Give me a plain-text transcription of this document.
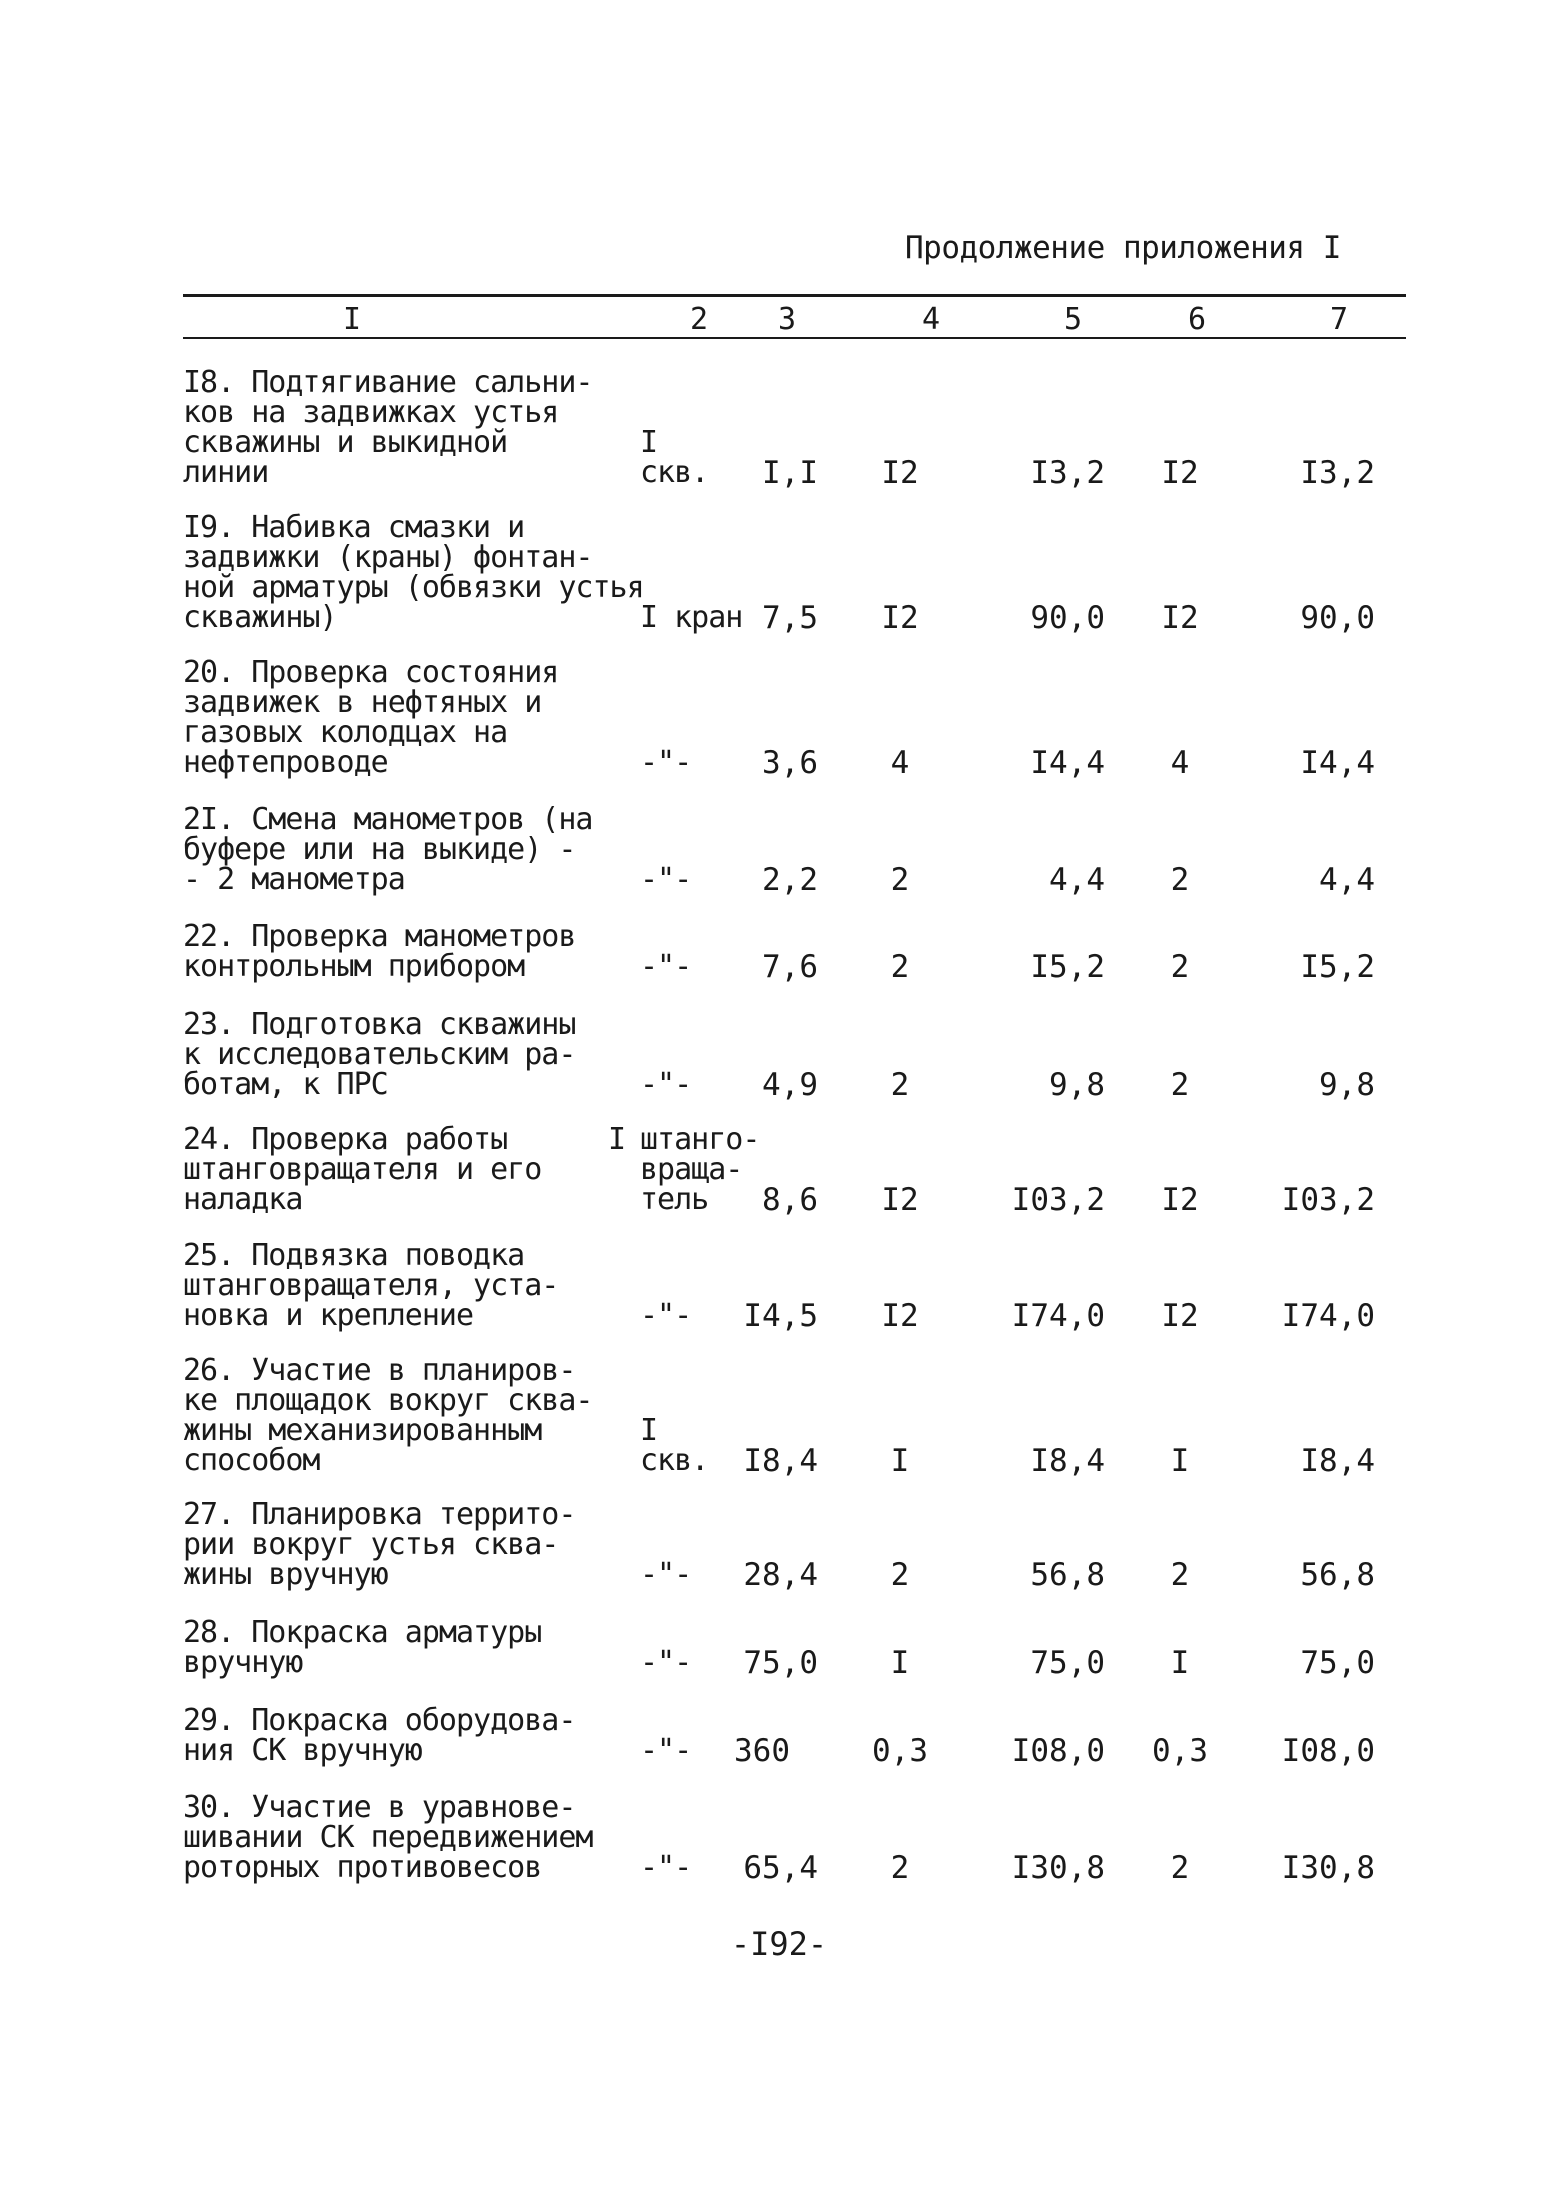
Продолжение приложения I
I	2 3	4	5	6	7
I8. Подтягивание сальни-
ков на задвижках устья
скважины и выкидной
линии
I
скв.	I,I	I2	I3,2	I2	I3,2
I9. Набивка смазки и
задвижки (краны) фонтан-
ной арматуры (обвязки устья
скважины)	I кран 7,5	I2	90,0	I2	90,0
20. Проверка состояния
задвижек в нефтяных и
газовых колодцах на
нефтепроводе	-"-	3,6	4	I4,4	4	I4,4
2I. Смена манометров (на
буфере или на выкиде) -
- 2 манометра	-"-	2,2	2	4,4	2	4,4
22. Проверка манометров
контрольным прибором	-"-	7,6	2	I5,2	2	I5,2
23. Подготовка скважины
к исследовательским ра-
ботам, к ПРС	-"-	4,9	2	9,8	2	9,8
24. Проверка работы
штанговращателя и его
наладка
I штанго-
враща-
тель	8,6	I2	I03,2	I2	I03,2
25. Подвязка поводка
штанговращателя, уста-
новка и крепление	-"-	I4,5	I2	I74,0	I2	I74,0
26. Участие в планиров-
ке площадок вокруг сква-
жины механизированным
способом
I
скв.	I8,4	I	I8,4	I	I8,4
27. Планировка террито-
рии вокруг устья сква-
жины вручную	-"-	28,4	2	56,8	2	56,8
28. Покраска арматуры
вручную	-"-	75,0	I	75,0	I	75,0
29. Покраска оборудова-
ния СК вручную	-"-	360	0,3	I08,0	0,3	I08,0
30. Участие в уравнове-
шивании СК передвижением
роторных противовесов	-"-	65,4	2	I30,8	2	I30,8
-I92-
